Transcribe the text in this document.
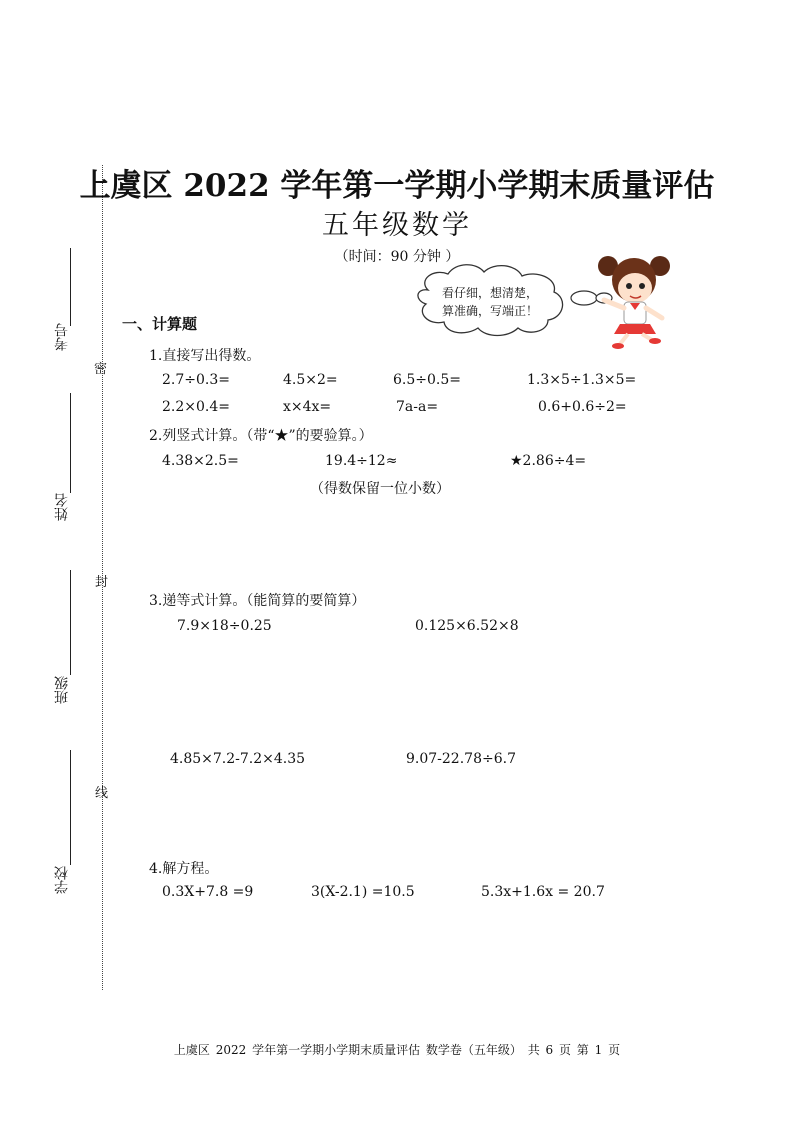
密
封
线
考号
姓名
班级
学校
上虞区 2022 学年第一学期小学期末质量评估
五年级数学
（时间：90 分钟 ）
看仔细，想清楚，
算准确，写端正！
一、计算题
1.直接写出得数。
2.7÷0.3=	4.5×2=	6.5÷0.5=	1.3×5÷1.3×5=
2.2×0.4=	x×4x=	7a-a=	0.6+0.6÷2=
2.列竖式计算。（带“★”的要验算。）
4.38×2.5=	19.4÷12≈	★2.86÷4=
（得数保留一位小数）
3.递等式计算。（能简算的要简算）
7.9×18÷0.25	0.125×6.52×8
4.85×7.2-7.2×4.35	9.07-22.78÷6.7
4.解方程。
0.3X+7.8 =9	3(X-2.1) =10.5	5.3x+1.6x = 20.7
上虞区 2022 学年第一学期小学期末质量评估 数学卷（五年级） 共 6 页 第 1 页
